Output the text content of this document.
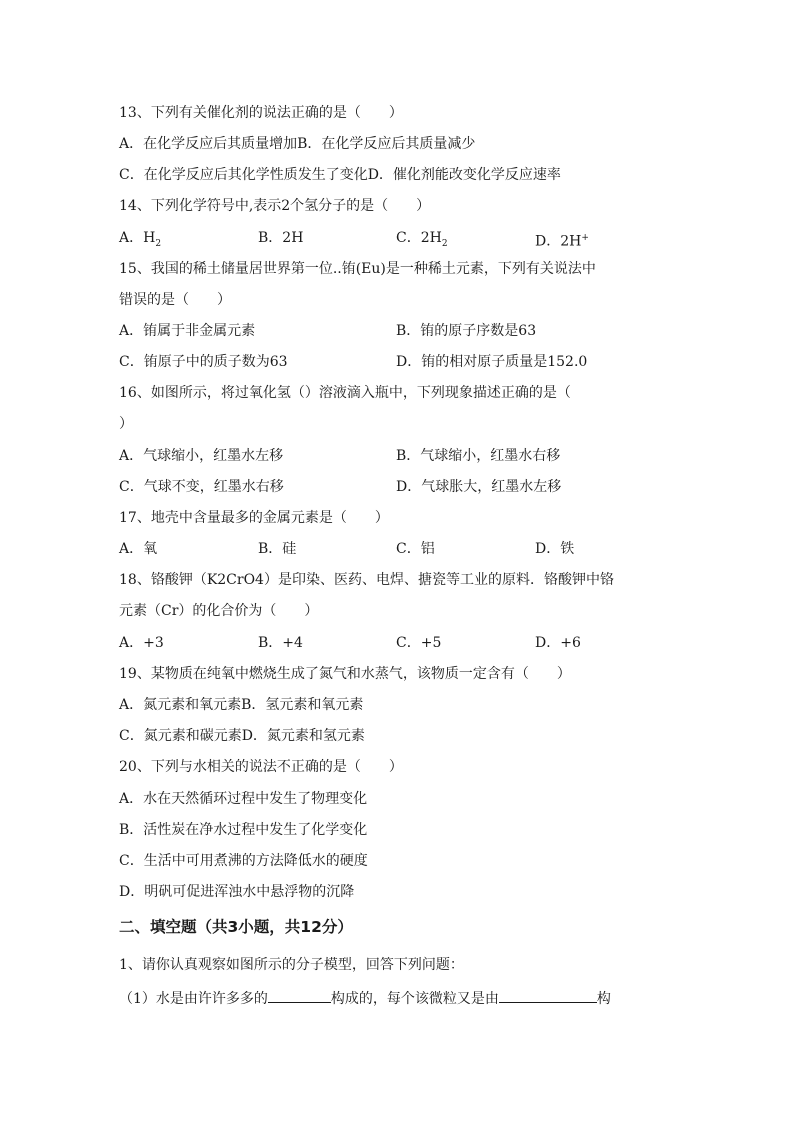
13、下列有关催化剂的说法正确的是（　　）
A．在化学反应后其质量增加B．在化学反应后其质量减少
C．在化学反应后其化学性质发生了变化D．催化剂能改变化学反应速率
14、下列化学符号中,表示2个氢分子的是（　　）
A．$H_2$	B．2H	C．$2H_2$	D．2H+
15、我国的稀土储量居世界第一位..铕(Eu)是一种稀土元素，下列有关说法中
错误的是（　　）
A．铕属于非金属元素	B．铕的原子序数是63
C．铕原子中的质子数为63	D．铕的相对原子质量是152.0
16、如图所示，将过氧化氢（）溶液滴入瓶中，下列现象描述正确的是（
）
A．气球缩小，红墨水左移	B．气球缩小，红墨水右移
C．气球不变，红墨水右移	D．气球胀大，红墨水左移
17、地壳中含量最多的金属元素是（　　）
A．氧	B．硅	C．铝	D．铁
18、铬酸钾（K2CrO4）是印染、医药、电焊、搪瓷等工业的原料．铬酸钾中铬
元素（Cr）的化合价为（　　）
A．+3	B．+4	C．+5	D．+6
19、某物质在纯氧中燃烧生成了氮气和水蒸气，该物质一定含有（　　）
A．氮元素和氧元素B．氢元素和氧元素
C．氮元素和碳元素D．氮元素和氢元素
20、下列与水相关的说法不正确的是（　　）
A．水在天然循环过程中发生了物理变化
B．活性炭在净水过程中发生了化学变化
C．生活中可用煮沸的方法降低水的硬度
D．明矾可促进浑浊水中悬浮物的沉降
二、填空题（共3小题，共12分）
1、请你认真观察如图所示的分子模型，回答下列问题：
（1）水是由许许多多的	构成的，每个该微粒又是由	构
